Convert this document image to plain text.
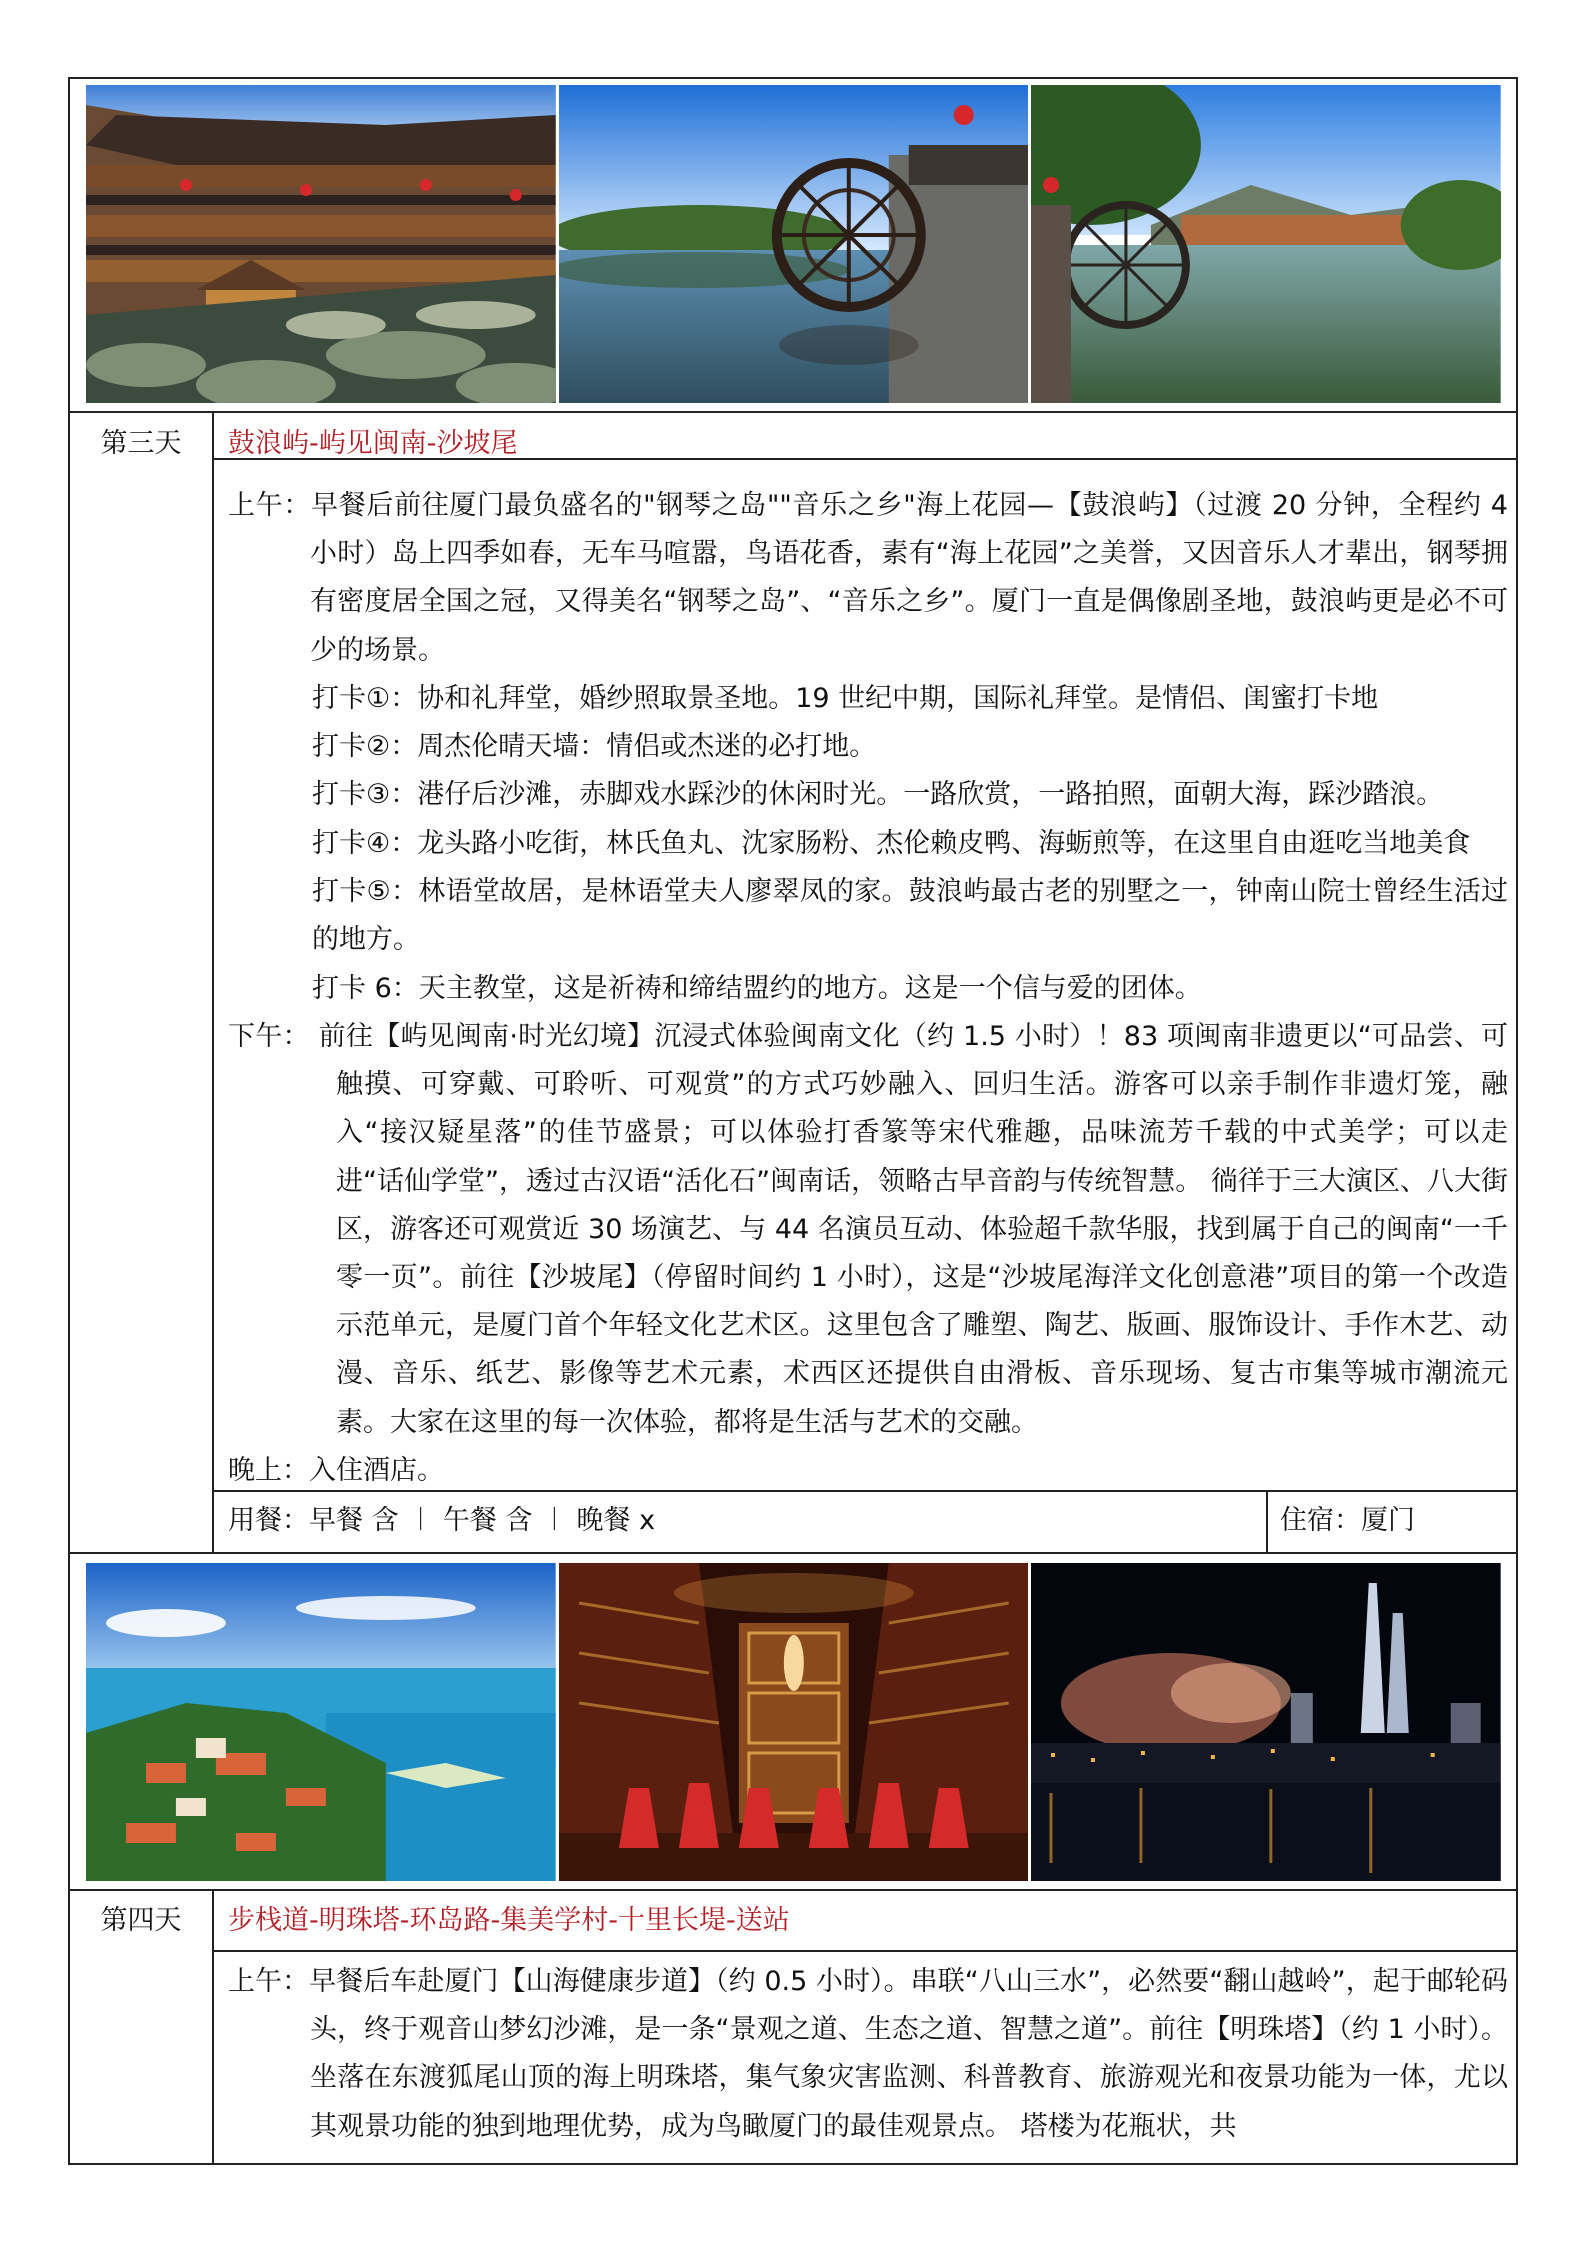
第三天	鼓浪屿-屿见闽南-沙坡尾

上午：早餐后前往厦门最负盛名的"钢琴之岛""音乐之乡"海上花园—【鼓浪屿】（过渡 20 分钟，全程约 4 小时）岛上四季如春，无车马喧嚣，鸟语花香，素有“海上花园”之美誉，又因音乐人才辈出，钢琴拥有密度居全国之冠，又得美名“钢琴之岛”、“音乐之乡”。厦门一直是偶像剧圣地，鼓浪屿更是必不可少的场景。

打卡①：协和礼拜堂，婚纱照取景圣地。19 世纪中期，国际礼拜堂。是情侣、闺蜜打卡地

打卡②：周杰伦晴天墙：情侣或杰迷的必打地。

打卡③：港仔后沙滩，赤脚戏水踩沙的休闲时光。一路欣赏，一路拍照，面朝大海，踩沙踏浪。

打卡④：龙头路小吃街，林氏鱼丸、沈家肠粉、杰伦赖皮鸭、海蛎煎等，在这里自由逛吃当地美食

打卡⑤：林语堂故居，是林语堂夫人廖翠凤的家。鼓浪屿最古老的别墅之一，钟南山院士曾经生活过的地方。

打卡 6：天主教堂，这是祈祷和缔结盟约的地方。这是一个信与爱的团体。

下午： 前往【屿见闽南·时光幻境】沉浸式体验闽南文化（约 1.5 小时）！83 项闽南非遗更以“可品尝、可触摸、可穿戴、可聆听、可观赏”的方式巧妙融入、回归生活。游客可以亲手制作非遗灯笼，融入“接汉疑星落”的佳节盛景；可以体验打香篆等宋代雅趣，品味流芳千载的中式美学；可以走进“话仙学堂”，透过古汉语“活化石”闽南话，领略古早音韵与传统智慧。 徜徉于三大演区、八大街区，游客还可观赏近 30 场演艺、与 44 名演员互动、体验超千款华服，找到属于自己的闽南“一千零一页”。前往【沙坡尾】（停留时间约 1 小时），这是“沙坡尾海洋文化创意港”项目的第一个改造示范单元，是厦门首个年轻文化艺术区。这里包含了雕塑、陶艺、版画、服饰设计、手作木艺、动漫、音乐、纸艺、影像等艺术元素，术西区还提供自由滑板、音乐现场、复古市集等城市潮流元素。大家在这里的每一次体验，都将是生活与艺术的交融。

晚上：入住酒店。

用餐：早餐 含 ︱ 午餐 含 ︱ 晚餐 x	住宿：厦门
第四天	步栈道-明珠塔-环岛路-集美学村-十里长堤-送站

上午：早餐后车赴厦门【山海健康步道】（约 0.5 小时）。串联“八山三水”，必然要“翻山越岭”，起于邮轮码头，终于观音山梦幻沙滩，是一条“景观之道、生态之道、智慧之道”。前往【明珠塔】（约 1 小时）。坐落在东渡狐尾山顶的海上明珠塔，集气象灾害监测、科普教育、旅游观光和夜景功能为一体，尤以其观景功能的独到地理优势，成为鸟瞰厦门的最佳观景点。 塔楼为花瓶状，共
